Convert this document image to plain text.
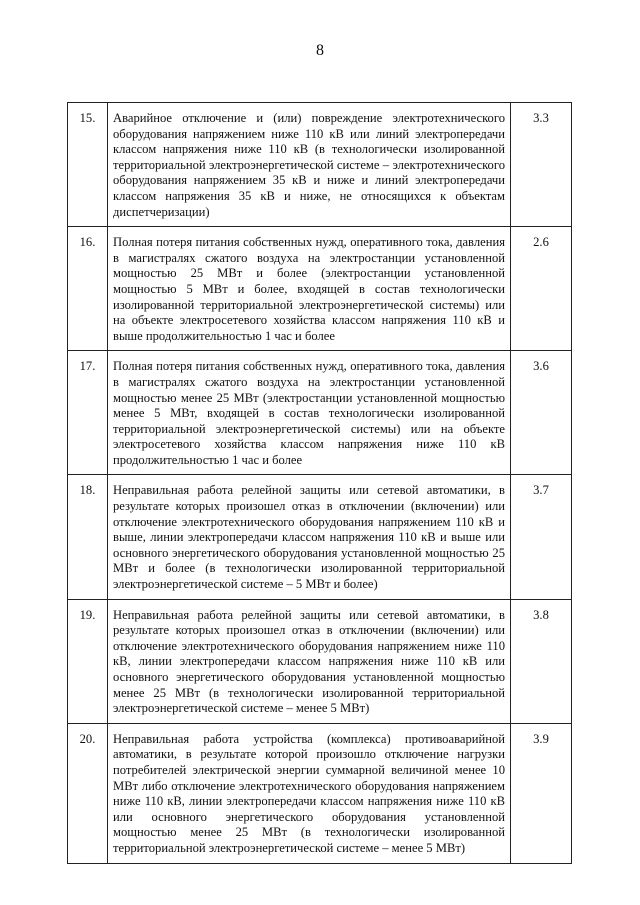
8
15.	Аварийное отключение и (или) повреждение электротехнического оборудования напряжением ниже 110 кВ или линий электропередачи классом напряжения ниже 110 кВ (в технологически изолированной территориальной электроэнергетической системе – электротехнического оборудования напряжением 35 кВ и ниже и линий электропередачи классом напряжения 35 кВ и ниже, не относящихся к объектам диспетчеризации)	3.3
16.	Полная потеря питания собственных нужд, оперативного тока, давления в магистралях сжатого воздуха на электростанции установленной мощностью 25 МВт и более (электростанции установленной мощностью 5 МВт и более, входящей в состав технологически изолированной территориальной электроэнергетической системы) или на объекте электросетевого хозяйства классом напряжения 110 кВ и выше продолжительностью 1 час и более	2.6
17.	Полная потеря питания собственных нужд, оперативного тока, давления в магистралях сжатого воздуха на электростанции установленной мощностью менее 25 МВт (электростанции установленной мощностью менее 5 МВт, входящей в состав технологически изолированной территориальной электроэнергетической системы) или на объекте электросетевого хозяйства классом напряжения ниже 110 кВ продолжительностью 1 час и более	3.6
18.	Неправильная работа релейной защиты или сетевой автоматики, в результате которых произошел отказ в отключении (включении) или отключение электротехнического оборудования напряжением 110 кВ и выше, линии электропередачи классом напряжения 110 кВ и выше или основного энергетического оборудования установленной мощностью 25 МВт и более (в технологически изолированной территориальной электроэнергетической системе – 5 МВт и более)	3.7
19.	Неправильная работа релейной защиты или сетевой автоматики, в результате которых произошел отказ в отключении (включении) или отключение электротехнического оборудования напряжением ниже 110 кВ, линии электропередачи классом напряжения ниже 110 кВ или основного энергетического оборудования установленной мощностью менее 25 МВт (в технологически изолированной территориальной электроэнергетической системе – менее 5 МВт)	3.8
20.	Неправильная работа устройства (комплекса) противоаварийной автоматики, в результате которой произошло отключение нагрузки потребителей электрической энергии суммарной величиной менее 10 МВт либо отключение электротехнического оборудования напряжением ниже 110 кВ, линии электропередачи классом напряжения ниже 110 кВ или основного энергетического оборудования установленной мощностью менее 25 МВт (в технологически изолированной территориальной электроэнергетической системе – менее 5 МВт)	3.9
